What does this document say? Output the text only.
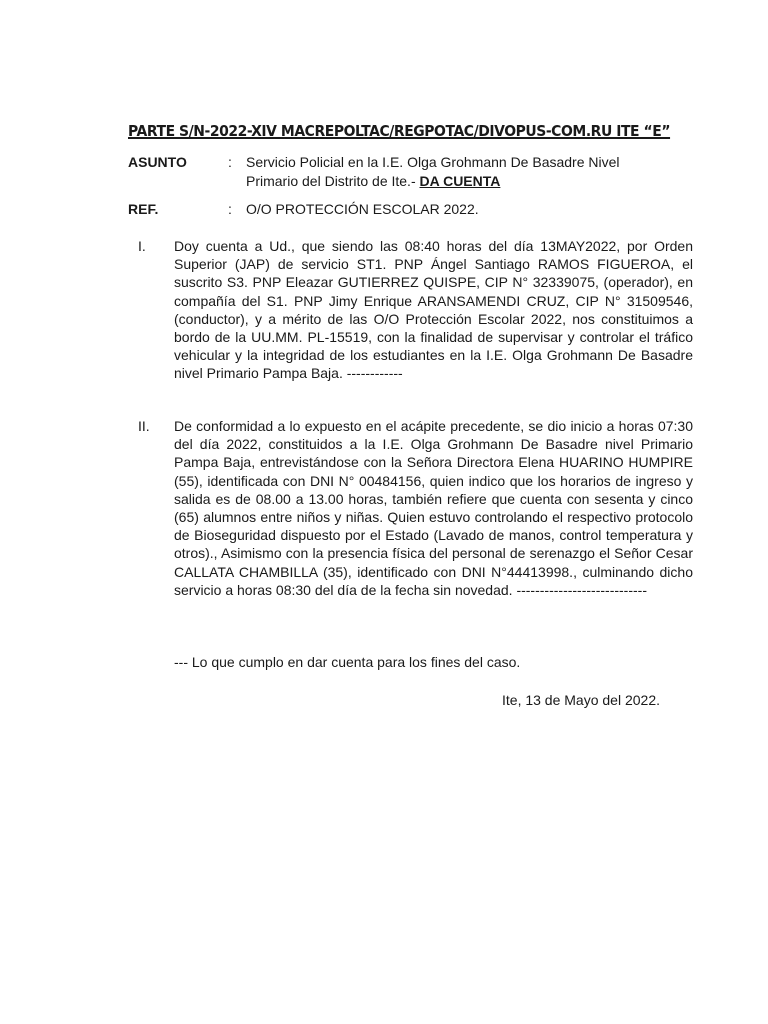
PARTE S/N-2022-XIV MACREPOLTAC/REGPOTAC/DIVOPUS-COM.RU ITE “E”
ASUNTO	: Servicio Policial en la I.E. Olga Grohmann De Basadre Nivel
Primario del Distrito de Ite.- DA CUENTA
REF.	: O/O PROTECCIÓN ESCOLAR 2022.
I. Doy cuenta a Ud., que siendo las 08:40 horas del día 13MAY2022, por Orden Superior (JAP) de servicio ST1. PNP Ángel Santiago RAMOS FIGUEROA, el suscrito S3. PNP Eleazar GUTIERREZ QUISPE, CIP N° 32339075, (operador), en compañía del S1. PNP Jimy Enrique ARANSAMENDI CRUZ, CIP N° 31509546, (conductor), y a mérito de las O/O Protección Escolar 2022, nos constituimos a bordo de la UU.MM. PL-15519, con la finalidad de supervisar y controlar el tráfico vehicular y la integridad de los estudiantes en la I.E. Olga Grohmann De Basadre nivel Primario Pampa Baja. ------------
II. De conformidad a lo expuesto en el acápite precedente, se dio inicio a horas 07:30 del día 2022, constituidos a la I.E. Olga Grohmann De Basadre nivel Primario Pampa Baja, entrevistándose con la Señora Directora Elena HUARINO HUMPIRE (55), identificada con DNI N° 00484156, quien indico que los horarios de ingreso y salida es de 08.00 a 13.00 horas, también refiere que cuenta con sesenta y cinco (65) alumnos entre niños y niñas. Quien estuvo controlando el respectivo protocolo de Bioseguridad dispuesto por el Estado (Lavado de manos, control temperatura y otros)., Asimismo con la presencia física del personal de serenazgo el Señor Cesar CALLATA CHAMBILLA (35), identificado con DNI N°44413998., culminando dicho servicio a horas 08:30 del día de la fecha sin novedad. ----------------------------
--- Lo que cumplo en dar cuenta para los fines del caso.
Ite, 13 de Mayo del 2022.
